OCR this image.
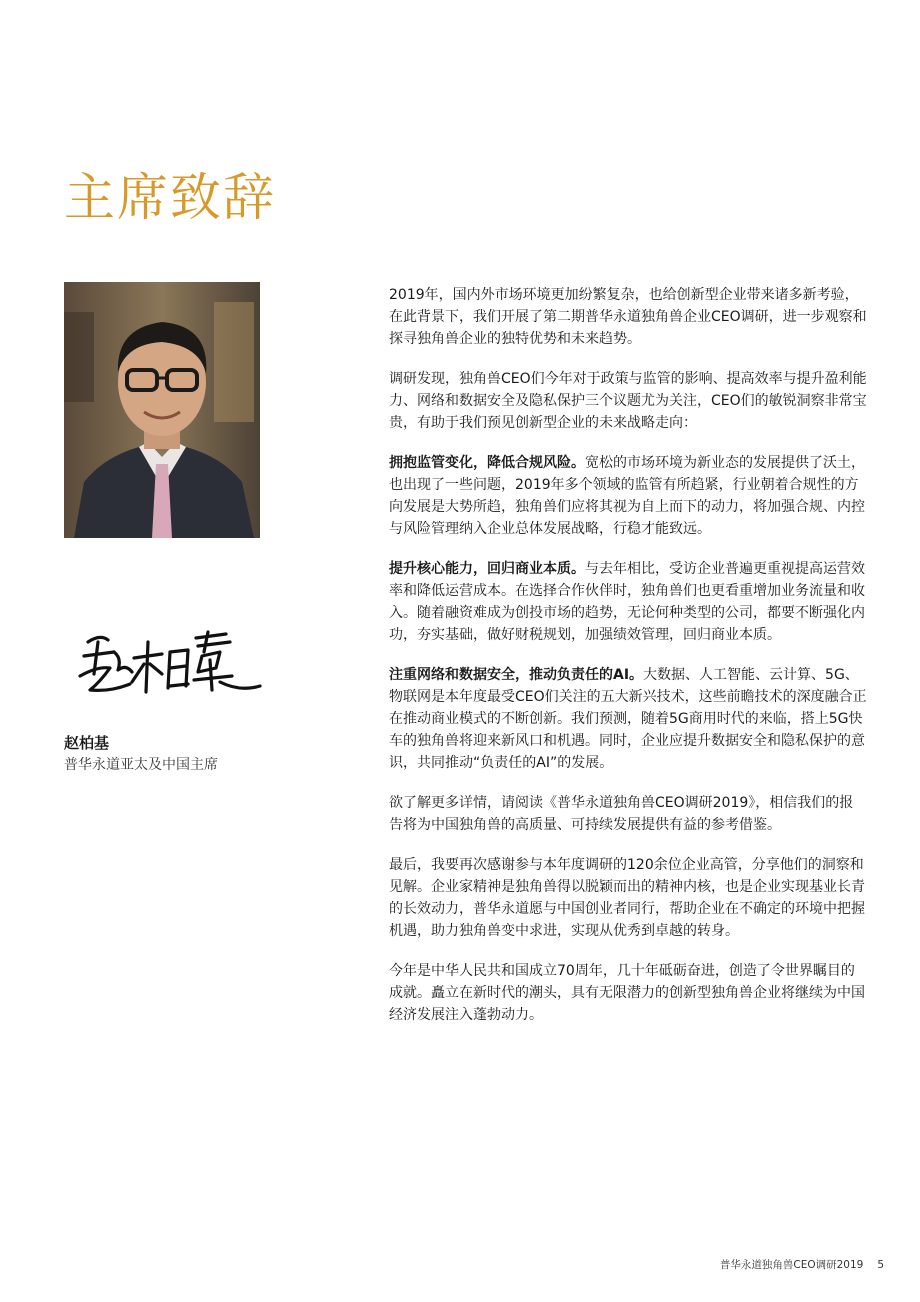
主席致辞
赵柏基
普华永道亚太及中国主席

2019年，国内外市场环境更加纷繁复杂，也给创新型企业带来诸多新考验，在此背景下，我们开展了第二期普华永道独角兽企业CEO调研，进一步观察和探寻独角兽企业的独特优势和未来趋势。

调研发现，独角兽CEO们今年对于政策与监管的影响、提高效率与提升盈利能力、网络和数据安全及隐私保护三个议题尤为关注，CEO们的敏锐洞察非常宝贵，有助于我们预见创新型企业的未来战略走向：

拥抱监管变化，降低合规风险。宽松的市场环境为新业态的发展提供了沃土，也出现了一些问题，2019年多个领域的监管有所趋紧，行业朝着合规性的方向发展是大势所趋，独角兽们应将其视为自上而下的动力，将加强合规、内控与风险管理纳入企业总体发展战略，行稳才能致远。

提升核心能力，回归商业本质。与去年相比，受访企业普遍更重视提高运营效率和降低运营成本。在选择合作伙伴时，独角兽们也更看重增加业务流量和收入。随着融资难成为创投市场的趋势，无论何种类型的公司，都要不断强化内功，夯实基础，做好财税规划，加强绩效管理，回归商业本质。

注重网络和数据安全，推动负责任的AI。大数据、人工智能、云计算、5G、物联网是本年度最受CEO们关注的五大新兴技术，这些前瞻技术的深度融合正在推动商业模式的不断创新。我们预测，随着5G商用时代的来临，搭上5G快车的独角兽将迎来新风口和机遇。同时，企业应提升数据安全和隐私保护的意识，共同推动“负责任的AI”的发展。

欲了解更多详情，请阅读《普华永道独角兽CEO调研2019》，相信我们的报告将为中国独角兽的高质量、可持续发展提供有益的参考借鉴。

最后，我要再次感谢参与本年度调研的120余位企业高管，分享他们的洞察和见解。企业家精神是独角兽得以脱颖而出的精神内核，也是企业实现基业长青的长效动力，普华永道愿与中国创业者同行，帮助企业在不确定的环境中把握机遇，助力独角兽变中求进，实现从优秀到卓越的转身。

今年是中华人民共和国成立70周年，几十年砥砺奋进，创造了令世界瞩目的成就。矗立在新时代的潮头，具有无限潜力的创新型独角兽企业将继续为中国经济发展注入蓬勃动力。

普华永道独角兽CEO调研2019 5
